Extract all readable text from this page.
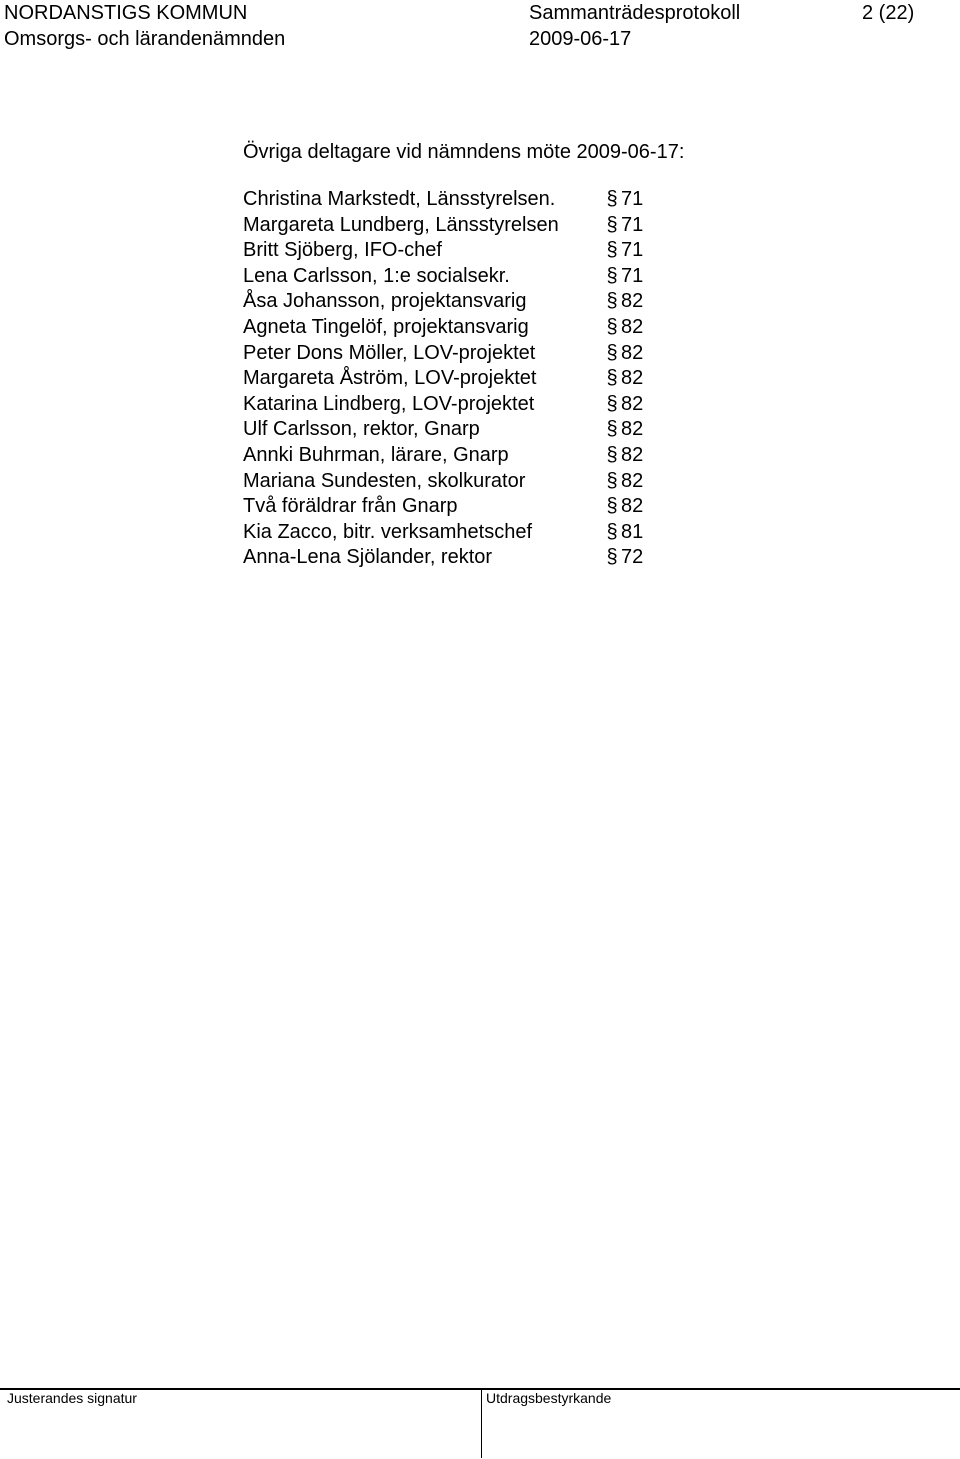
NORDANSTIGS KOMMUN
Omsorgs- och lärandenämnden
Sammanträdesprotokoll
2009-06-17
2 (22)
Övriga deltagare vid nämndens möte 2009-06-17:
Christina Markstedt, Länsstyrelsen.	§ 71
Margareta Lundberg, Länsstyrelsen § 71
Britt Sjöberg, IFO-chef	§ 71
Lena Carlsson, 1:e socialsekr.	§ 71
Åsa Johansson, projektansvarig	§ 82
Agneta Tingelöf, projektansvarig	§ 82
Peter Dons Möller, LOV-projektet	§ 82
Margareta Åström, LOV-projektet	§ 82
Katarina Lindberg, LOV-projektet	§ 82
Ulf Carlsson, rektor, Gnarp	§ 82
Annki Buhrman, lärare, Gnarp	§ 82
Mariana Sundesten, skolkurator	§ 82
Två föräldrar från Gnarp	§ 82
Kia Zacco, bitr. verksamhetschef	§ 81
Anna-Lena Sjölander, rektor	§ 72
Justerandes signatur	Utdragsbestyrkande
